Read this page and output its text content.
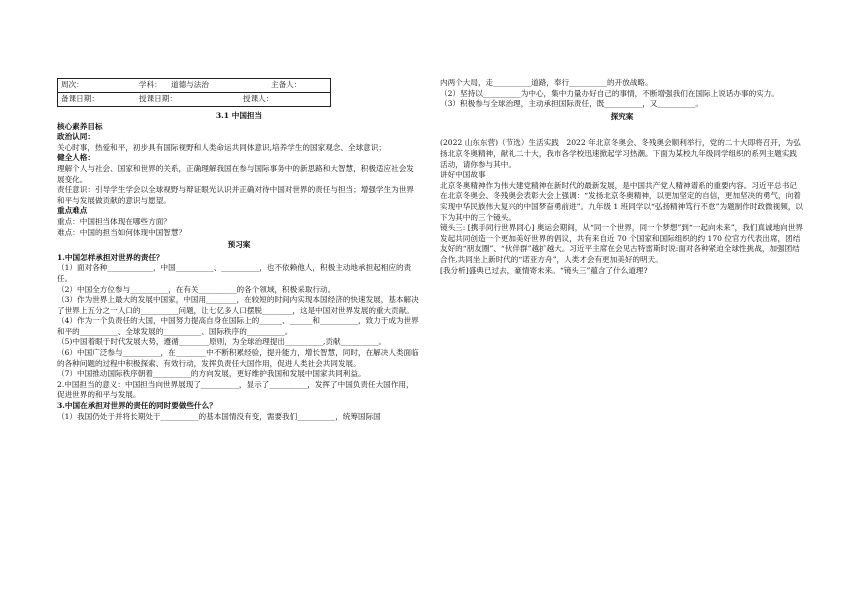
周次：	学科：	道德与法治	主备人：
备课日期：	授课日期：	授课人：
3.1 中国担当

核心素养目标

政治认同：

关心时事，热爱和平，初步具有国际视野和人类命运共同体意识,培养学生的国家观念、全球意识；

健全人格：

理解个人与社会、国家和世界的关系，正确理解我国在参与国际事务中的新思路和大智慧，积极适应社会发展变化。

责任意识：引导学生学会以全球视野与辩证眼光认识并正确对待中国对世界的责任与担当；增强学生为世界和平与发展做贡献的意识与愿望。

重点难点

重点：中国担当体现在哪些方面？

难点：中国的担当如何体现中国智慧？

预习案

1.中国怎样承担对世界的责任？

（1）面对各种____________，中国__________、__________，也不依赖他人，积极主动地承担起相应的责任。

（2）中国全方位参与__________，在有关__________的各个领域，积极采取行动。

（3）作为世界上最大的发展中国家，中国用________，在较短的时间内实现本国经济的快速发展，基本解决了世界上五分之一人口的__________问题，让七亿多人口摆脱________，这是中国对世界发展的重大贡献。

（4）作为一个负责任的大国，中国努力提高自身在国际上的______、______和__________，致力于成为世界和平的__________、全球发展的__________、国际秩序的__________。

（5)中国着眼于时代发展大势，遵循________原则，为全球治理提出__________,贡献__________。

（6）中国广泛参与__________，在________中不断积累经验，提升能力，增长智慧，同时，在解决人类面临的各种问题的过程中积极探索、有效行动，发挥负责任大国作用，促进人类社会共同发展。

（7）中国推动国际秩序朝着__________的方向发展，更好维护我国和发展中国家共同利益。

2.中国担当的意义：中国担当向世界展现了__________，显示了__________，发挥了中国负责任大国作用，促进世界的和平与发展。

3.中国在承担对世界的责任的同时要做些什么？

（1）我国仍处于并将长期处于__________的基本国情没有变，需要我们__________，统筹国际国

内两个大局，走__________道路，奉行__________的开放战略。

（2）坚持以__________为中心，集中力量办好自己的事情，不断增强我们在国际上说话办事的实力。

（3）积极参与全球治理，主动承担国际责任，既__________，又__________。

探究案

(2022 山东东营)（节选）生活实践　2022 年北京冬奥会、冬残奥会顺利举行，党的二十大即将召开，为弘扬北京冬奥精神，献礼二十大，我市各学校迅速掀起学习热潮。下面为某校九年级同学组织的系列主题实践活动，请你参与其中。

讲好中国故事

北京冬奥精神作为伟大建党精神在新时代的最新发展，是中国共产党人精神谱系的重要内容。习近平总书记在北京冬奥会、冬残奥会表彰大会上强调：“发扬北京冬奥精神，以更加坚定的自信，更加坚决的勇气，向着实现中华民族伟大复兴的中国梦奋勇前进”。九年级 1 班同学以“弘扬精神笃行不怠”为题制作时政微视频，以下为其中的三个镜头。

镜头三: [携手同行世界同心] 奥运会期间，从“同一个世界，同一个梦想”到“一起向未来”，我们真诚地向世界发起共同创造一个更加美好世界的倡议，共有来自近 70 个国家和国际组织的约 170 位官方代表出席，团结友好的“朋友圈”、“伙伴群”越扩越大。习近平主席在会见古特雷斯时说:面对各种紧迫全球性挑战，加强团结合作,共同坐上新时代的“诺亚方舟”，人类才会有更加美好的明天。

[我分析]盛典已过去，豪情寄未来。“镜头三”蕴含了什么道理?
